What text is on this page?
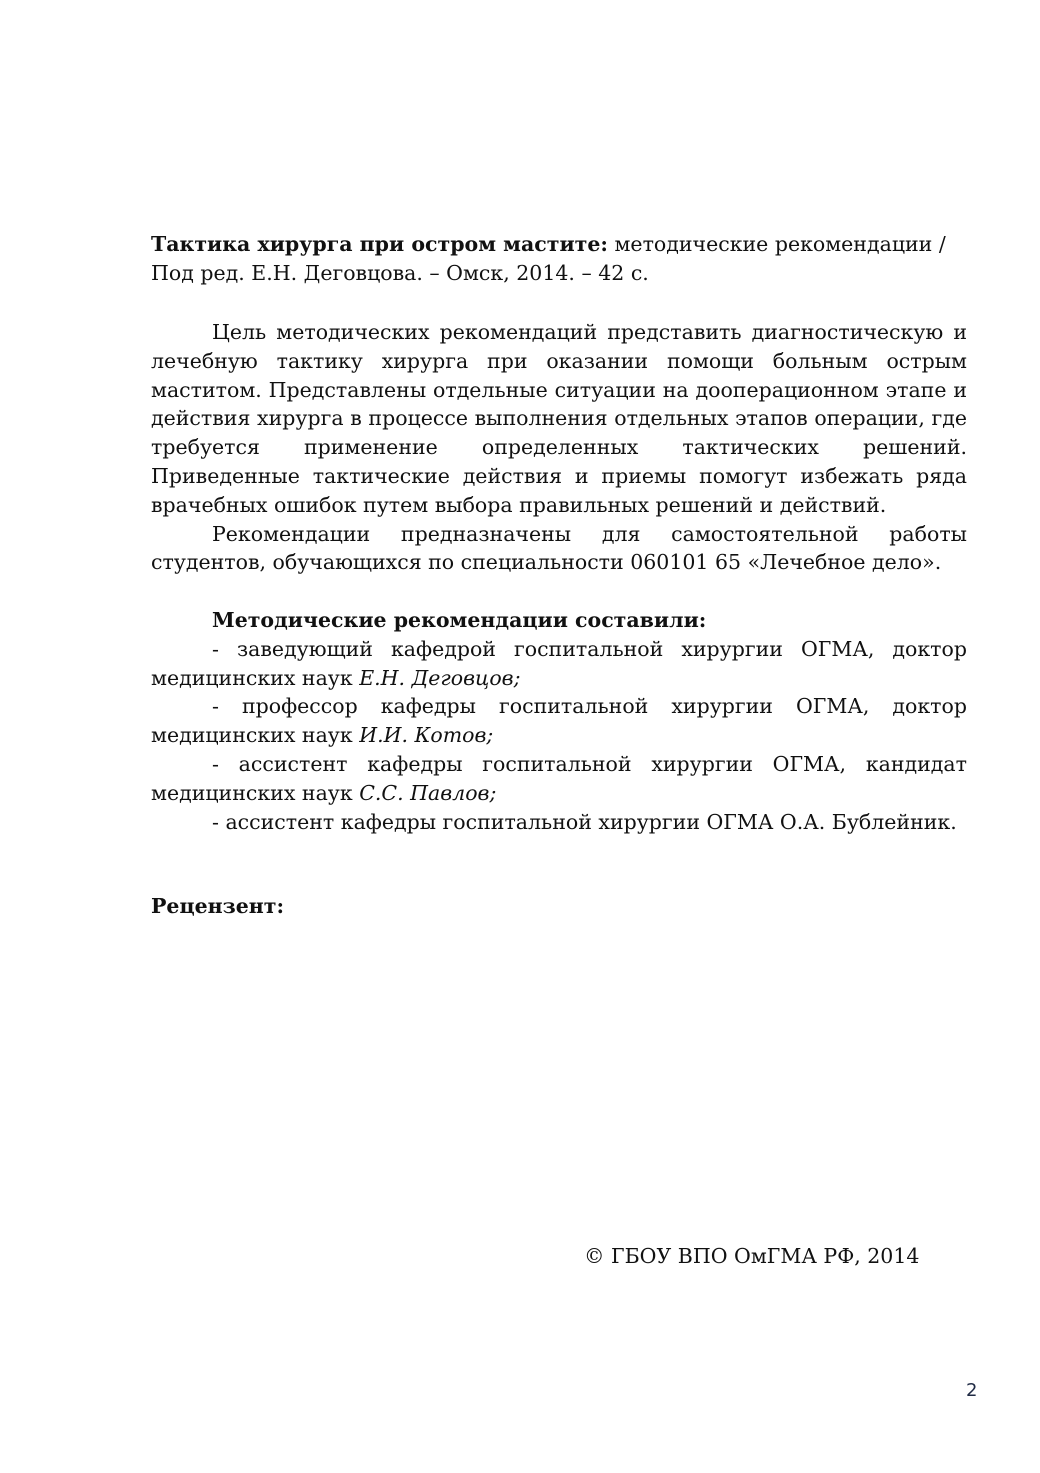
Тактика хирурга при остром мастите: методические рекомендации / Под ред. Е.Н. Деговцова. – Омск, 2014. – 42 с.

Цель методических рекомендаций представить диагностическую и лечебную тактику хирурга при оказании помощи больным острым маститом. Представлены отдельные ситуации на дооперационном этапе и действия хирурга в процессе выполнения отдельных этапов операции, где требуется применение определенных тактических решений. Приведенные тактические действия и приемы помогут избежать ряда врачебных ошибок путем выбора правильных решений и действий.

Рекомендации предназначены для самостоятельной работы студентов, обучающихся по специальности 060101 65 «Лечебное дело».

Методические рекомендации составили:

- заведующий кафедрой госпитальной хирургии ОГМА, доктор медицинских наук Е.Н. Деговцов;

- профессор кафедры госпитальной хирургии ОГМА, доктор медицинских наук И.И. Котов;

- ассистент кафедры госпитальной хирургии ОГМА, кандидат медицинских наук С.С. Павлов;

- ассистент кафедры госпитальной хирургии ОГМА О.А. Бублейник.

Рецензент:

© ГБОУ ВПО ОмГМА РФ, 2014
2
